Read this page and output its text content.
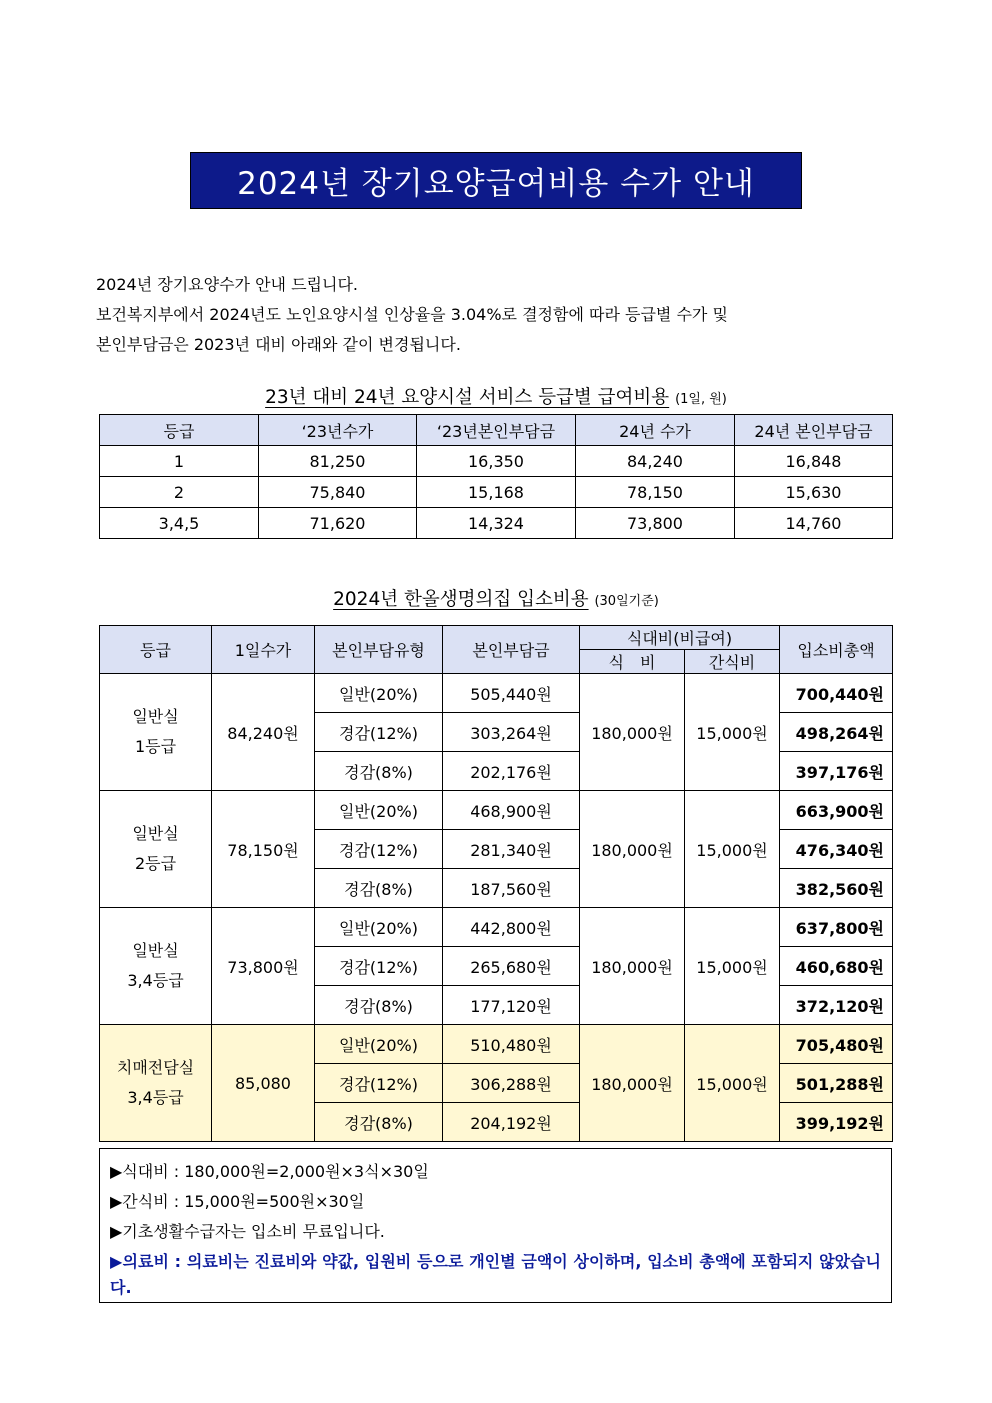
2024년 장기요양급여비용 수가 안내
2024년 장기요양수가 안내 드립니다.
보건복지부에서 2024년도 노인요양시설 인상율을 3.04%로 결정함에 따라 등급별 수가 및
본인부담금은 2023년 대비 아래와 같이 변경됩니다.
23년 대비 24년 요양시설 서비스 등급별 급여비용 (1일, 원)
등급	‘23년수가	‘23년본인부담금	24년 수가	24년 본인부담금
1	81,250	16,350	84,240	16,848
2	75,840	15,168	78,150	15,630
3,4,5	71,620	14,324	73,800	14,760
2024년 한올생명의집 입소비용 (30일기준)
등급	1일수가	본인부담유형	본인부담금	식대비(비급여)		입소비총액
				식　비	간식비	

일반실
1등급	84,240원	일반(20%)	505,440원	180,000원	15,000원	700,440원
		경감(12%)	303,264원			498,264원
		경감(8%)	202,176원			397,176원

일반실
2등급	78,150원	일반(20%)	468,900원	180,000원	15,000원	663,900원
		경감(12%)	281,340원			476,340원
		경감(8%)	187,560원			382,560원

일반실
3,4등급	73,800원	일반(20%)	442,800원	180,000원	15,000원	637,800원
		경감(12%)	265,680원			460,680원
		경감(8%)	177,120원			372,120원

치매전담실
3,4등급	85,080	일반(20%)	510,480원	180,000원	15,000원	705,480원
		경감(12%)	306,288원			501,288원
		경감(8%)	204,192원			399,192원
▶식대비 : 180,000원=2,000원×3식×30일
▶간식비 : 15,000원=500원×30일
▶기초생활수급자는 입소비 무료입니다.
▶의료비 : 의료비는 진료비와 약값, 입원비 등으로 개인별 금액이 상이하며, 입소비 총액에 포함되지 않았습니다.
